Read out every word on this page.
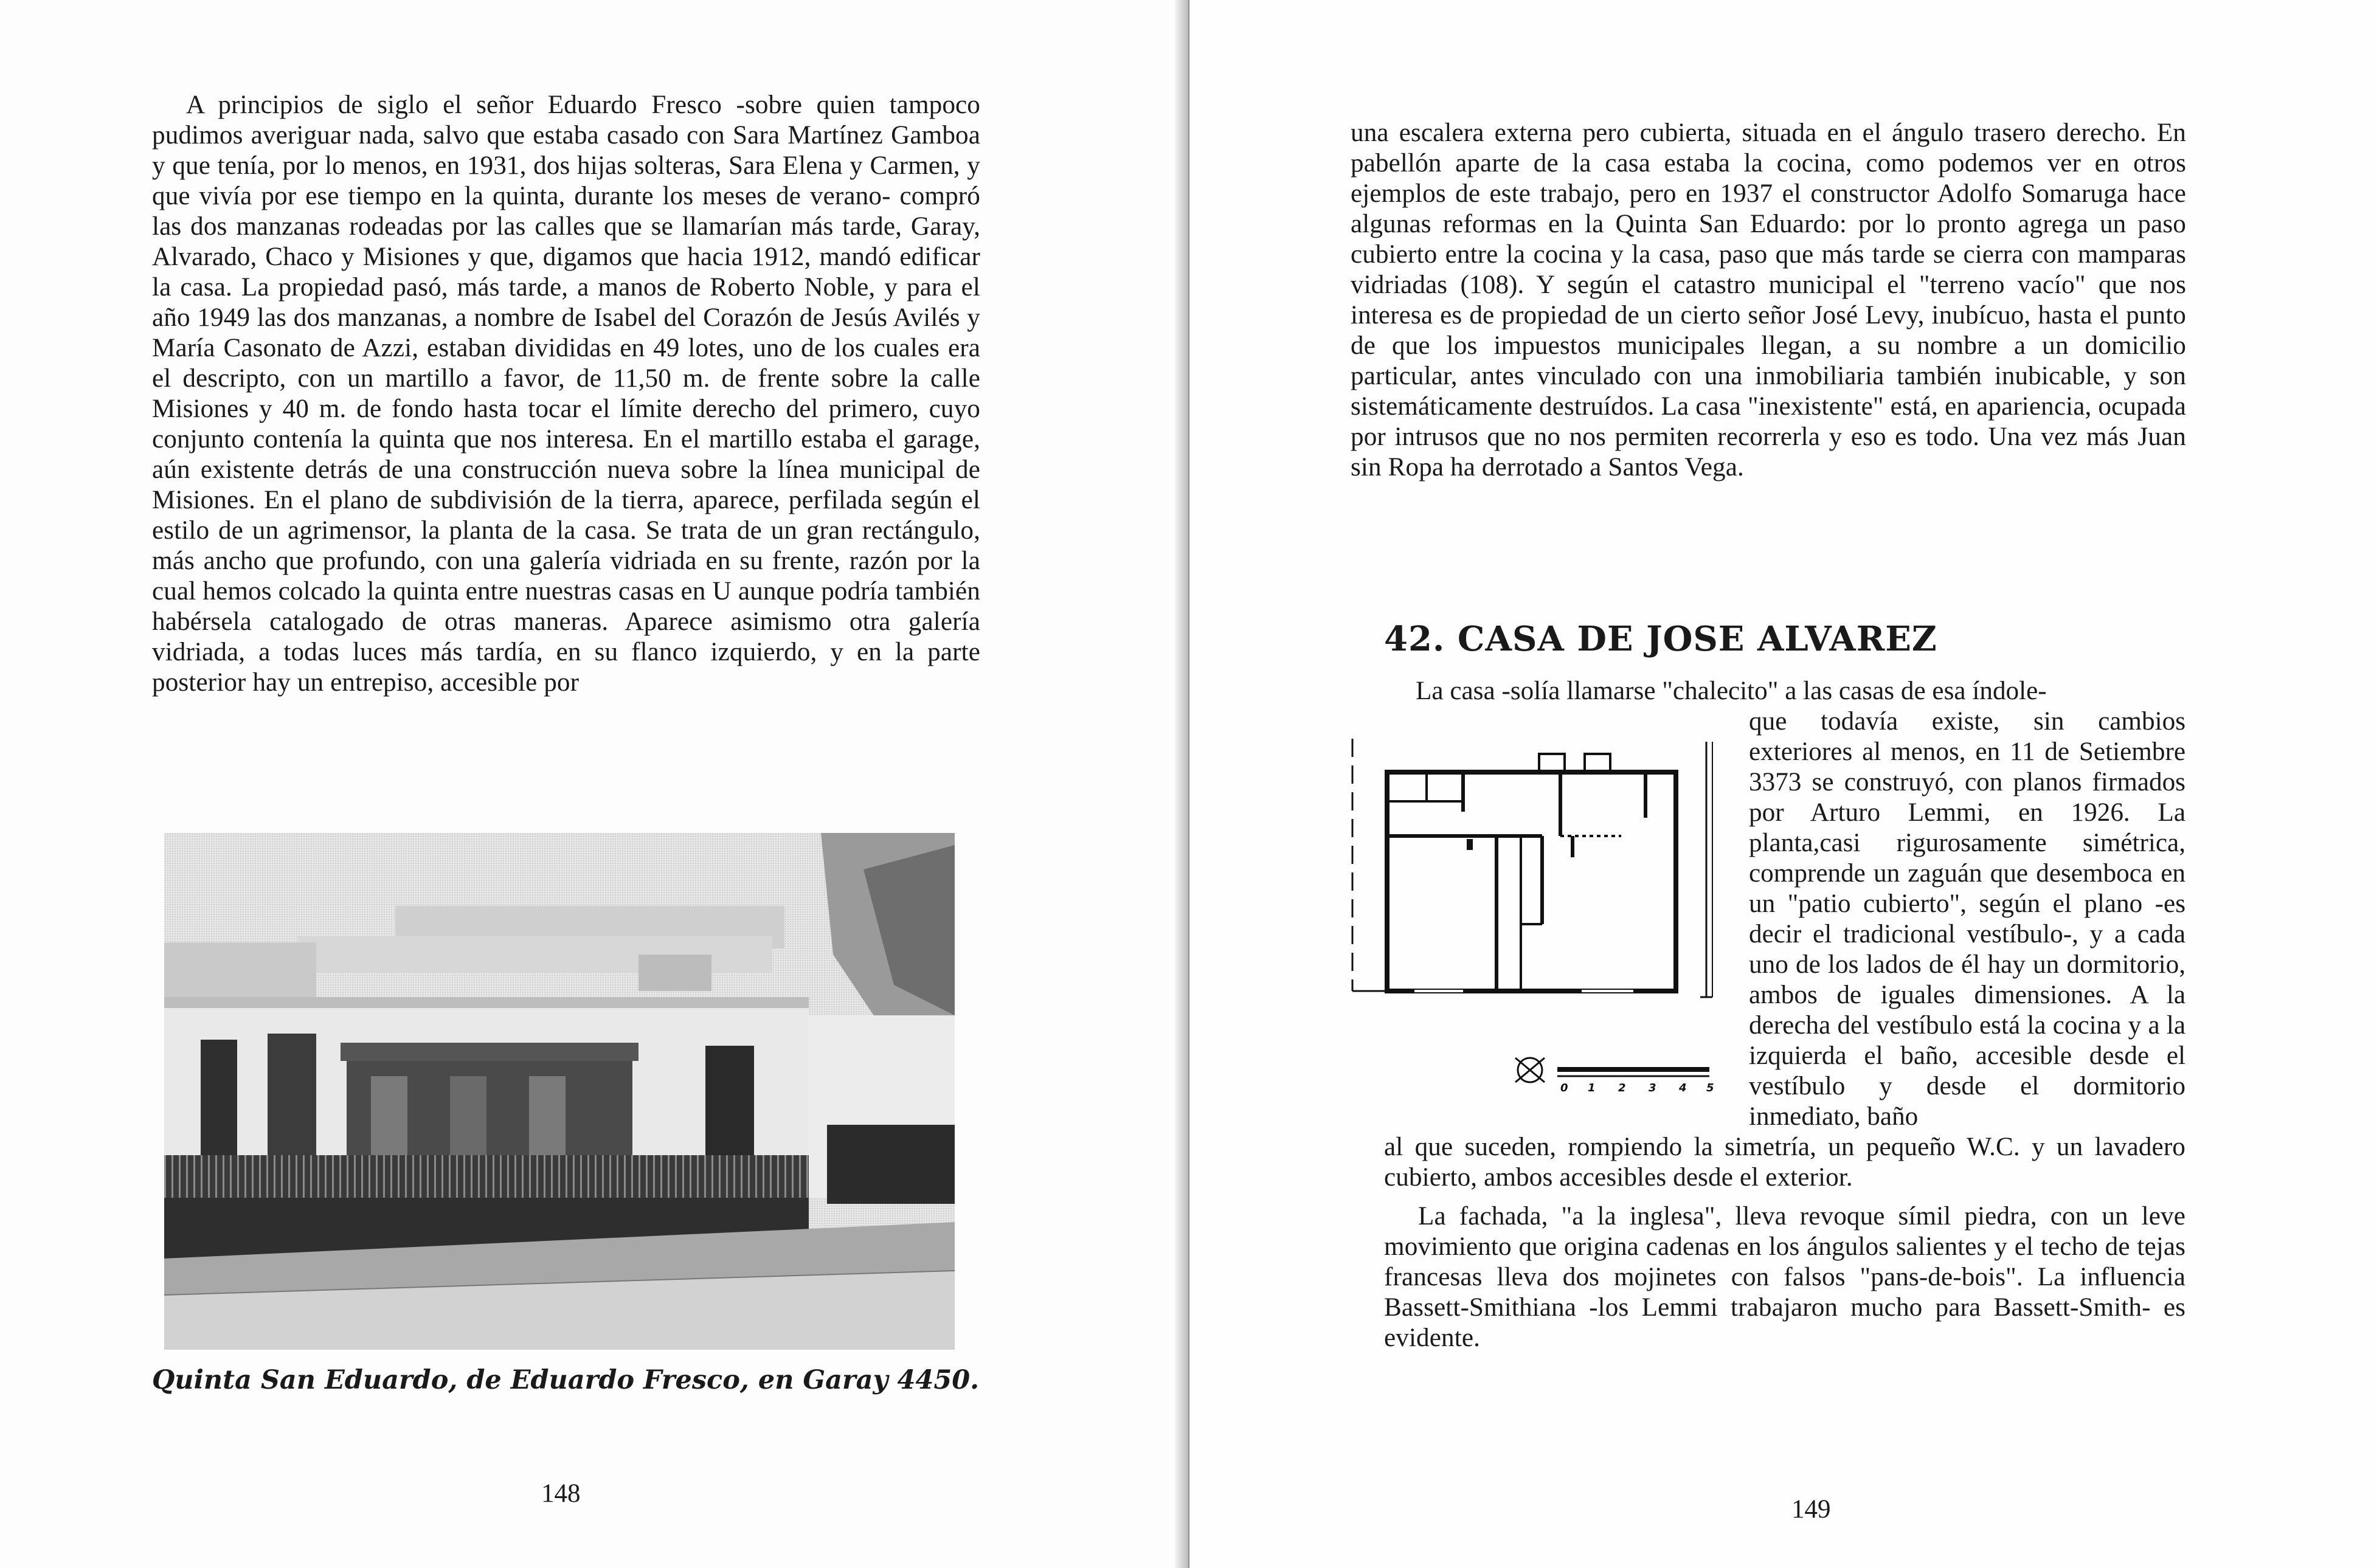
A principios de siglo el señor Eduardo Fresco -sobre quien tampoco pudimos averiguar nada, salvo que estaba casado con Sara Martínez Gamboa y que tenía, por lo menos, en 1931, dos hijas solteras, Sara Elena y Carmen, y que vivía por ese tiempo en la quinta, durante los meses de verano- compró las dos manzanas rodeadas por las calles que se llamarían más tarde, Garay, Alvarado, Chaco y Misiones y que, digamos que hacia 1912, mandó edificar la casa. La propiedad pasó, más tarde, a manos de Roberto Noble, y para el año 1949 las dos manzanas, a nombre de Isabel del Corazón de Jesús Avilés y María Casonato de Azzi, estaban divididas en 49 lotes, uno de los cuales era el descripto, con un martillo a favor, de 11,50 m. de frente sobre la calle Misiones y 40 m. de fondo hasta tocar el límite derecho del primero, cuyo conjunto contenía la quinta que nos interesa. En el martillo estaba el garage, aún existente detrás de una construcción nueva sobre la línea municipal de Misiones. En el plano de subdivisión de la tierra, aparece, perfilada según el estilo de un agrimensor, la planta de la casa. Se trata de un gran rectángulo, más ancho que profundo, con una galería vidriada en su frente, razón por la cual hemos colcado la quinta entre nuestras casas en U aunque podría también habérsela catalogado de otras maneras. Aparece asimismo otra galería vidriada, a todas luces más tardía, en su flanco izquierdo, y en la parte posterior hay un entrepiso, accesible por

Quinta San Eduardo, de Eduardo Fresco, en Garay 4450.
148

una escalera externa pero cubierta, situada en el ángulo trasero derecho. En pabellón aparte de la casa estaba la cocina, como podemos ver en otros ejemplos de este trabajo, pero en 1937 el constructor Adolfo Somaruga hace algunas reformas en la Quinta San Eduardo: por lo pronto agrega un paso cubierto entre la cocina y la casa, paso que más tarde se cierra con mamparas vidriadas (108). Y según el catastro municipal el "terreno vacío" que nos interesa es de propiedad de un cierto señor José Levy, inubícuo, hasta el punto de que los impuestos municipales llegan, a su nombre a un domicilio particular, antes vinculado con una inmobiliaria también inubicable, y son sistemáticamente destruídos. La casa "inexistente" está, en apariencia, ocupada por intrusos que no nos permiten recorrerla y eso es todo. Una vez más Juan sin Ropa ha derrotado a Santos Vega.

42. CASA DE JOSE ALVAREZ
La casa -solía llamarse "chalecito" a las casas de esa índole-
0 1 2 3 4 5

que todavía existe, sin cambios exteriores al menos, en 11 de Setiembre 3373 se construyó, con planos firmados por Arturo Lemmi, en 1926. La planta,casi rigurosamente simétrica, comprende un zaguán que desemboca en un "patio cubierto", según el plano -es decir el tradicional vestíbulo-, y a cada uno de los lados de él hay un dormitorio, ambos de iguales dimensiones. A la derecha del vestíbulo está la cocina y a la izquierda el baño, accesible desde el vestíbulo y desde el dormitorio inmediato, baño

al que suceden, rompiendo la simetría, un pequeño W.C. y un lavadero cubierto, ambos accesibles desde el exterior.

La fachada, "a la inglesa", lleva revoque símil piedra, con un leve movimiento que origina cadenas en los ángulos salientes y el techo de tejas francesas lleva dos mojinetes con falsos "pans-de-bois". La influencia Bassett-Smithiana -los Lemmi trabajaron mucho para Bassett-Smith- es evidente.

149
